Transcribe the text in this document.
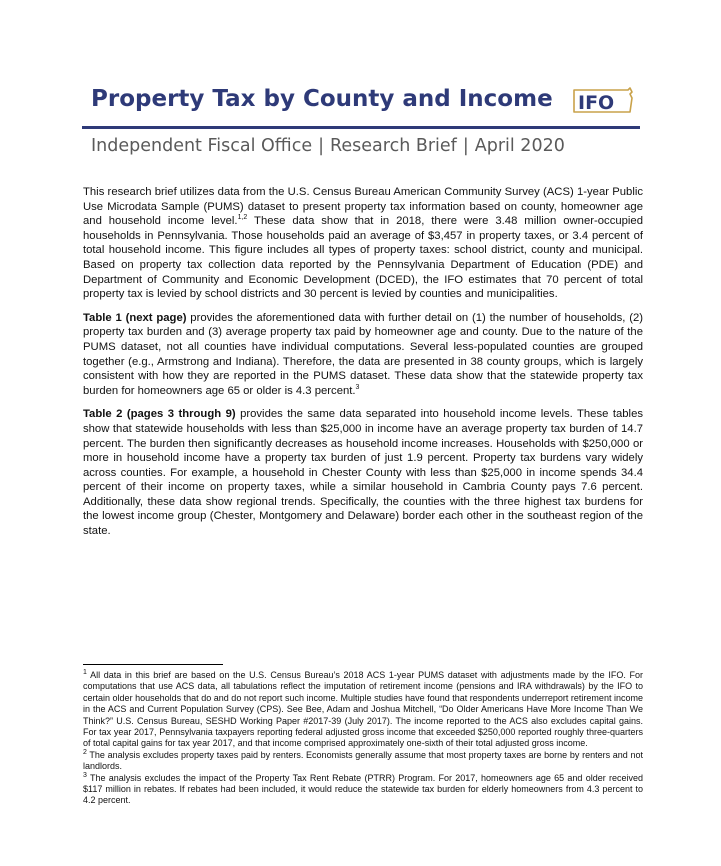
Property Tax by County and Income IFO
Independent Fiscal Office | Research Brief | April 2020

This research brief utilizes data from the U.S. Census Bureau American Community Survey (ACS) 1-year Public Use Microdata Sample (PUMS) dataset to present property tax information based on county, homeowner age and household income level.$^{1,2}$ These data show that in 2018, there were 3.48 million owner-occupied households in Pennsylvania. Those households paid an average of $3,457 in property taxes, or 3.4 percent of total household income. This figure includes all types of property taxes: school district, county and municipal. Based on property tax collection data reported by the Pennsylvania Department of Education (PDE) and Department of Community and Economic Development (DCED), the IFO estimates that 70 percent of total property tax is levied by school districts and 30 percent is levied by counties and municipalities.

Table 1 (next page) provides the aforementioned data with further detail on (1) the number of households, (2) property tax burden and (3) average property tax paid by homeowner age and county. Due to the nature of the PUMS dataset, not all counties have individual computations. Several less-populated counties are grouped together (e.g., Armstrong and Indiana). Therefore, the data are presented in 38 county groups, which is largely consistent with how they are reported in the PUMS dataset. These data show that the statewide property tax burden for homeowners age 65 or older is 4.3 percent.$^3$

Table 2 (pages 3 through 9) provides the same data separated into household income levels. These tables show that statewide households with less than $25,000 in income have an average property tax burden of 14.7 percent. The burden then significantly decreases as household income increases. Households with $250,000 or more in household income have a property tax burden of just 1.9 percent. Property tax burdens vary widely across counties. For example, a household in Chester County with less than $25,000 in income spends 34.4 percent of their income on property taxes, while a similar household in Cambria County pays 7.6 percent. Additionally, these data show regional trends. Specifically, the counties with the three highest tax burdens for the lowest income group (Chester, Montgomery and Delaware) border each other in the southeast region of the state.

$^1$ All data in this brief are based on the U.S. Census Bureau’s 2018 ACS 1-year PUMS dataset with adjustments made by the IFO. For computations that use ACS data, all tabulations reflect the imputation of retirement income (pensions and IRA withdrawals) by the IFO to certain older households that do and do not report such income. Multiple studies have found that respondents underreport retirement income in the ACS and Current Population Survey (CPS). See Bee, Adam and Joshua Mitchell, “Do Older Americans Have More Income Than We Think?” U.S. Census Bureau, SESHD Working Paper #2017-39 (July 2017). The income reported to the ACS also excludes capital gains. For tax year 2017, Pennsylvania taxpayers reporting federal adjusted gross income that exceeded $250,000 reported roughly three-quarters of total capital gains for tax year 2017, and that income comprised approximately one-sixth of their total adjusted gross income.

$^2$ The analysis excludes property taxes paid by renters. Economists generally assume that most property taxes are borne by renters and not landlords.

$^3$ The analysis excludes the impact of the Property Tax Rent Rebate (PTRR) Program. For 2017, homeowners age 65 and older received $117 million in rebates. If rebates had been included, it would reduce the statewide tax burden for elderly homeowners from 4.3 percent to 4.2 percent.
